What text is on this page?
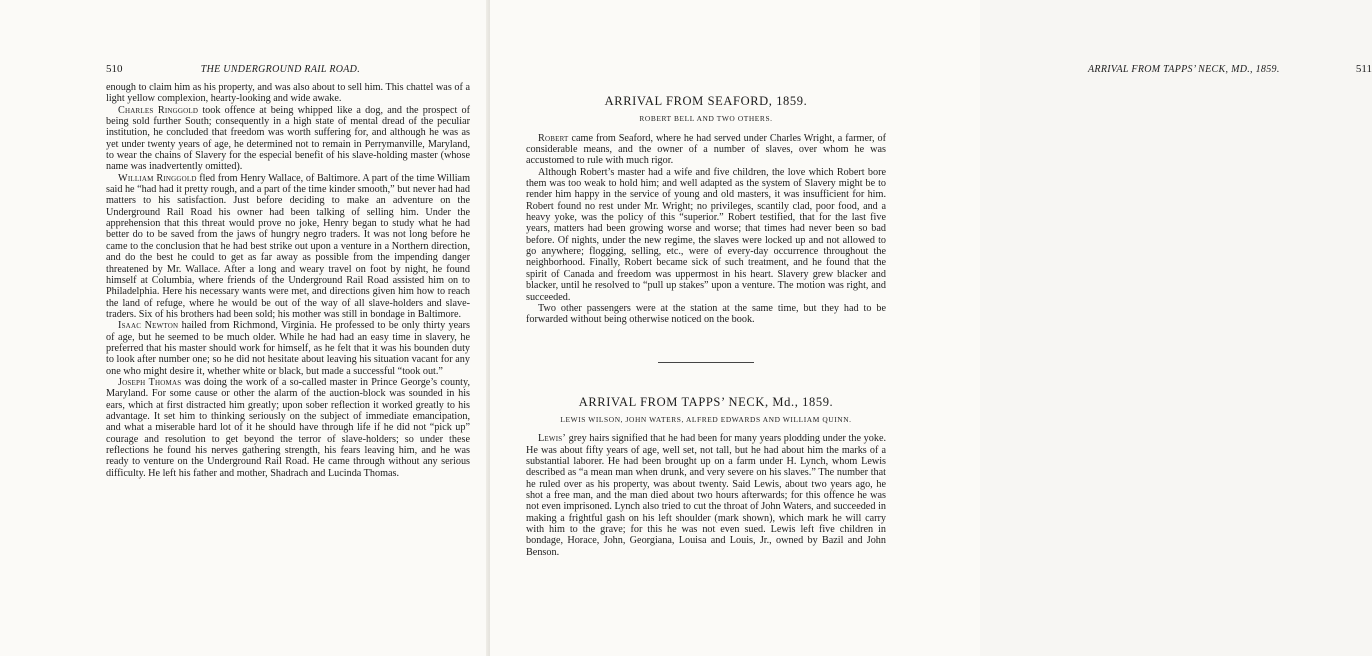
510	THE UNDERGROUND RAIL ROAD.

enough to claim him as his property, and was also about to sell him. This chattel was of a light yellow complexion, hearty-looking and wide awake.

Charles Ringgold took offence at being whipped like a dog, and the prospect of being sold further South; consequently in a high state of mental dread of the peculiar institution, he concluded that freedom was worth suffering for, and although he was as yet under twenty years of age, he determined not to remain in Perrymanville, Maryland, to wear the chains of Slavery for the especial benefit of his slave-holding master (whose name was inadvertently omitted).

William Ringgold fled from Henry Wallace, of Baltimore. A part of the time William said he “had had it pretty rough, and a part of the time kinder smooth,” but never had had matters to his satisfaction. Just before deciding to make an adventure on the Underground Rail Road his owner had been talking of selling him. Under the apprehension that this threat would prove no joke, Henry began to study what he had better do to be saved from the jaws of hungry negro traders. It was not long before he came to the conclusion that he had best strike out upon a venture in a Northern direction, and do the best he could to get as far away as possible from the impending danger threatened by Mr. Wallace. After a long and weary travel on foot by night, he found himself at Columbia, where friends of the Underground Rail Road assisted him on to Philadelphia. Here his necessary wants were met, and directions given him how to reach the land of refuge, where he would be out of the way of all slave-holders and slave-traders. Six of his brothers had been sold; his mother was still in bondage in Baltimore.

Isaac Newton hailed from Richmond, Virginia. He professed to be only thirty years of age, but he seemed to be much older. While he had had an easy time in slavery, he preferred that his master should work for himself, as he felt that it was his bounden duty to look after number one; so he did not hesitate about leaving his situation vacant for any one who might desire it, whether white or black, but made a successful “took out.”

Joseph Thomas was doing the work of a so-called master in Prince George’s county, Maryland. For some cause or other the alarm of the auction-block was sounded in his ears, which at first distracted him greatly; upon sober reflection it worked greatly to his advantage. It set him to thinking seriously on the subject of immediate emancipation, and what a miserable hard lot of it he should have through life if he did not “pick up” courage and resolution to get beyond the terror of slave-holders; so under these reflections he found his nerves gathering strength, his fears leaving him, and he was ready to venture on the Underground Rail Road. He came through without any serious difficulty. He left his father and mother, Shadrach and Lucinda Thomas.

ARRIVAL FROM TAPPS’ NECK, MD., 1859.	511
ARRIVAL FROM SEAFORD, 1859.
ROBERT BELL AND TWO OTHERS.

Robert came from Seaford, where he had served under Charles Wright, a farmer, of considerable means, and the owner of a number of slaves, over whom he was accustomed to rule with much rigor.

Although Robert’s master had a wife and five children, the love which Robert bore them was too weak to hold him; and well adapted as the system of Slavery might be to render him happy in the service of young and old masters, it was insufficient for him. Robert found no rest under Mr. Wright; no privileges, scantily clad, poor food, and a heavy yoke, was the policy of this “superior.” Robert testified, that for the last five years, matters had been growing worse and worse; that times had never been so bad before. Of nights, under the new regime, the slaves were locked up and not allowed to go anywhere; flogging, selling, etc., were of every-day occurrence throughout the neighborhood. Finally, Robert became sick of such treatment, and he found that the spirit of Canada and freedom was uppermost in his heart. Slavery grew blacker and blacker, until he resolved to “pull up stakes” upon a venture. The motion was right, and succeeded.

Two other passengers were at the station at the same time, but they had to be forwarded without being otherwise noticed on the book.

ARRIVAL FROM TAPPS’ NECK, Md., 1859.
LEWIS WILSON, JOHN WATERS, ALFRED EDWARDS AND WILLIAM QUINN.

Lewis’ grey hairs signified that he had been for many years plodding under the yoke. He was about fifty years of age, well set, not tall, but he had about him the marks of a substantial laborer. He had been brought up on a farm under H. Lynch, whom Lewis described as “a mean man when drunk, and very severe on his slaves.” The number that he ruled over as his property, was about twenty. Said Lewis, about two years ago, he shot a free man, and the man died about two hours afterwards; for this offence he was not even imprisoned. Lynch also tried to cut the throat of John Waters, and succeeded in making a frightful gash on his left shoulder (mark shown), which mark he will carry with him to the grave; for this he was not even sued. Lewis left five children in bondage, Horace, John, Georgiana, Louisa and Louis, Jr., owned by Bazil and John Benson.
